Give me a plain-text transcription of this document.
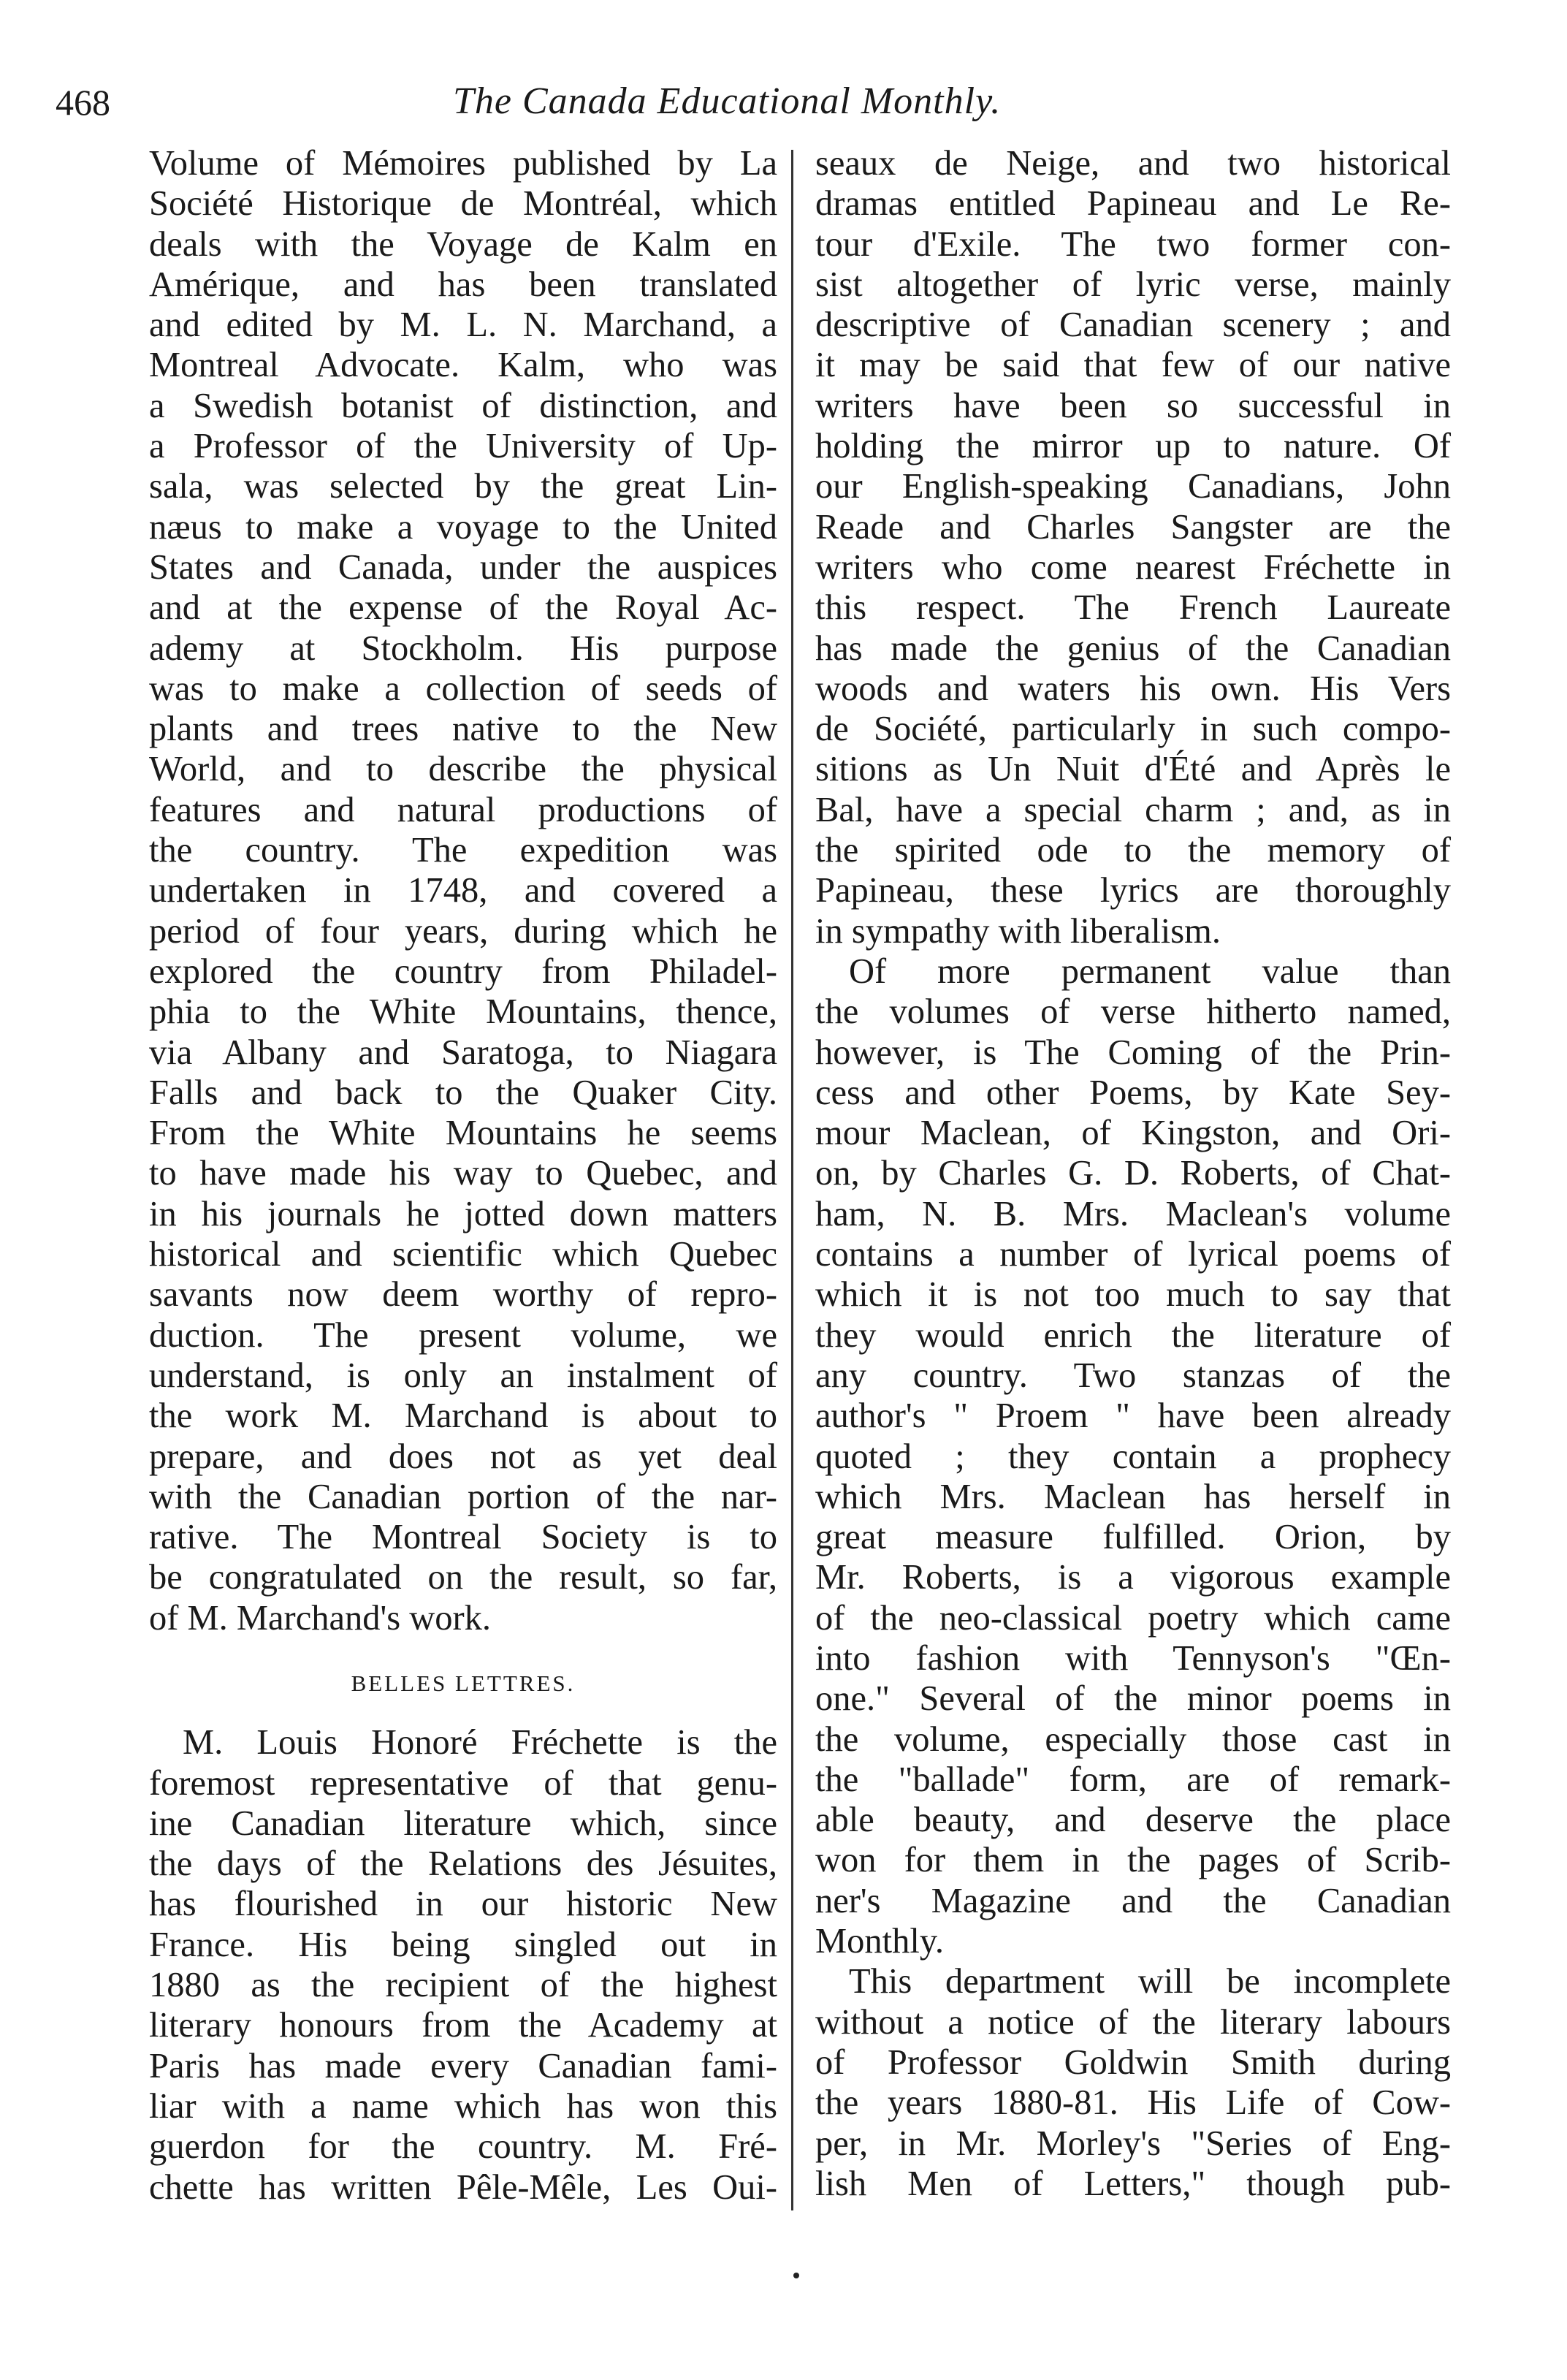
468	The Canada Educational Monthly.
Volume of Mémoires published by La
Société Historique de Montréal, which
deals with the Voyage de Kalm en
Amérique, and has been translated
and edited by M. L. N. Marchand, a
Montreal Advocate. Kalm, who was
a Swedish botanist of distinction, and
a Professor of the University of Up-
sala, was selected by the great Lin-
næus to make a voyage to the United
States and Canada, under the auspices
and at the expense of the Royal Ac-
ademy at Stockholm. His purpose
was to make a collection of seeds of
plants and trees native to the New
World, and to describe the physical
features and natural productions of
the country. The expedition was
undertaken in 1748, and covered a
period of four years, during which he
explored the country from Philadel-
phia to the White Mountains, thence,
via Albany and Saratoga, to Niagara
Falls and back to the Quaker City.
From the White Mountains he seems
to have made his way to Quebec, and
in his journals he jotted down matters
historical and scientific which Quebec
savants now deem worthy of repro-
duction. The present volume, we
understand, is only an instalment of
the work M. Marchand is about to
prepare, and does not as yet deal
with the Canadian portion of the nar-
rative. The Montreal Society is to
be congratulated on the result, so far,
of M. Marchand's work.
BELLES LETTRES.
M. Louis Honoré Fréchette is the
foremost representative of that genu-
ine Canadian literature which, since
the days of the Relations des Jésuites,
has flourished in our historic New
France. His being singled out in
1880 as the recipient of the highest
literary honours from the Academy at
Paris has made every Canadian fami-
liar with a name which has won this
guerdon for the country. M. Fré-
chette has written Pêle-Mêle, Les Oui-
seaux de Neige, and two historical
dramas entitled Papineau and Le Re-
tour d'Exile. The two former con-
sist altogether of lyric verse, mainly
descriptive of Canadian scenery ; and
it may be said that few of our native
writers have been so successful in
holding the mirror up to nature. Of
our English-speaking Canadians, John
Reade and Charles Sangster are the
writers who come nearest Fréchette in
this respect. The French Laureate
has made the genius of the Canadian
woods and waters his own. His Vers
de Société, particularly in such compo-
sitions as Un Nuit d'Été and Après le
Bal, have a special charm ; and, as in
the spirited ode to the memory of
Papineau, these lyrics are thoroughly
in sympathy with liberalism.
Of more permanent value than
the volumes of verse hitherto named,
however, is The Coming of the Prin-
cess and other Poems, by Kate Sey-
mour Maclean, of Kingston, and Ori-
on, by Charles G. D. Roberts, of Chat-
ham, N. B. Mrs. Maclean's volume
contains a number of lyrical poems of
which it is not too much to say that
they would enrich the literature of
any country. Two stanzas of the
author's " Proem " have been already
quoted ; they contain a prophecy
which Mrs. Maclean has herself in
great measure fulfilled. Orion, by
Mr. Roberts, is a vigorous example
of the neo-classical poetry which came
into fashion with Tennyson's "Œn-
one." Several of the minor poems in
the volume, especially those cast in
the "ballade" form, are of remark-
able beauty, and deserve the place
won for them in the pages of Scrib-
ner's Magazine and the Canadian
Monthly.
This department will be incomplete
without a notice of the literary labours
of Professor Goldwin Smith during
the years 1880-81. His Life of Cow-
per, in Mr. Morley's "Series of Eng-
lish Men of Letters," though pub-
